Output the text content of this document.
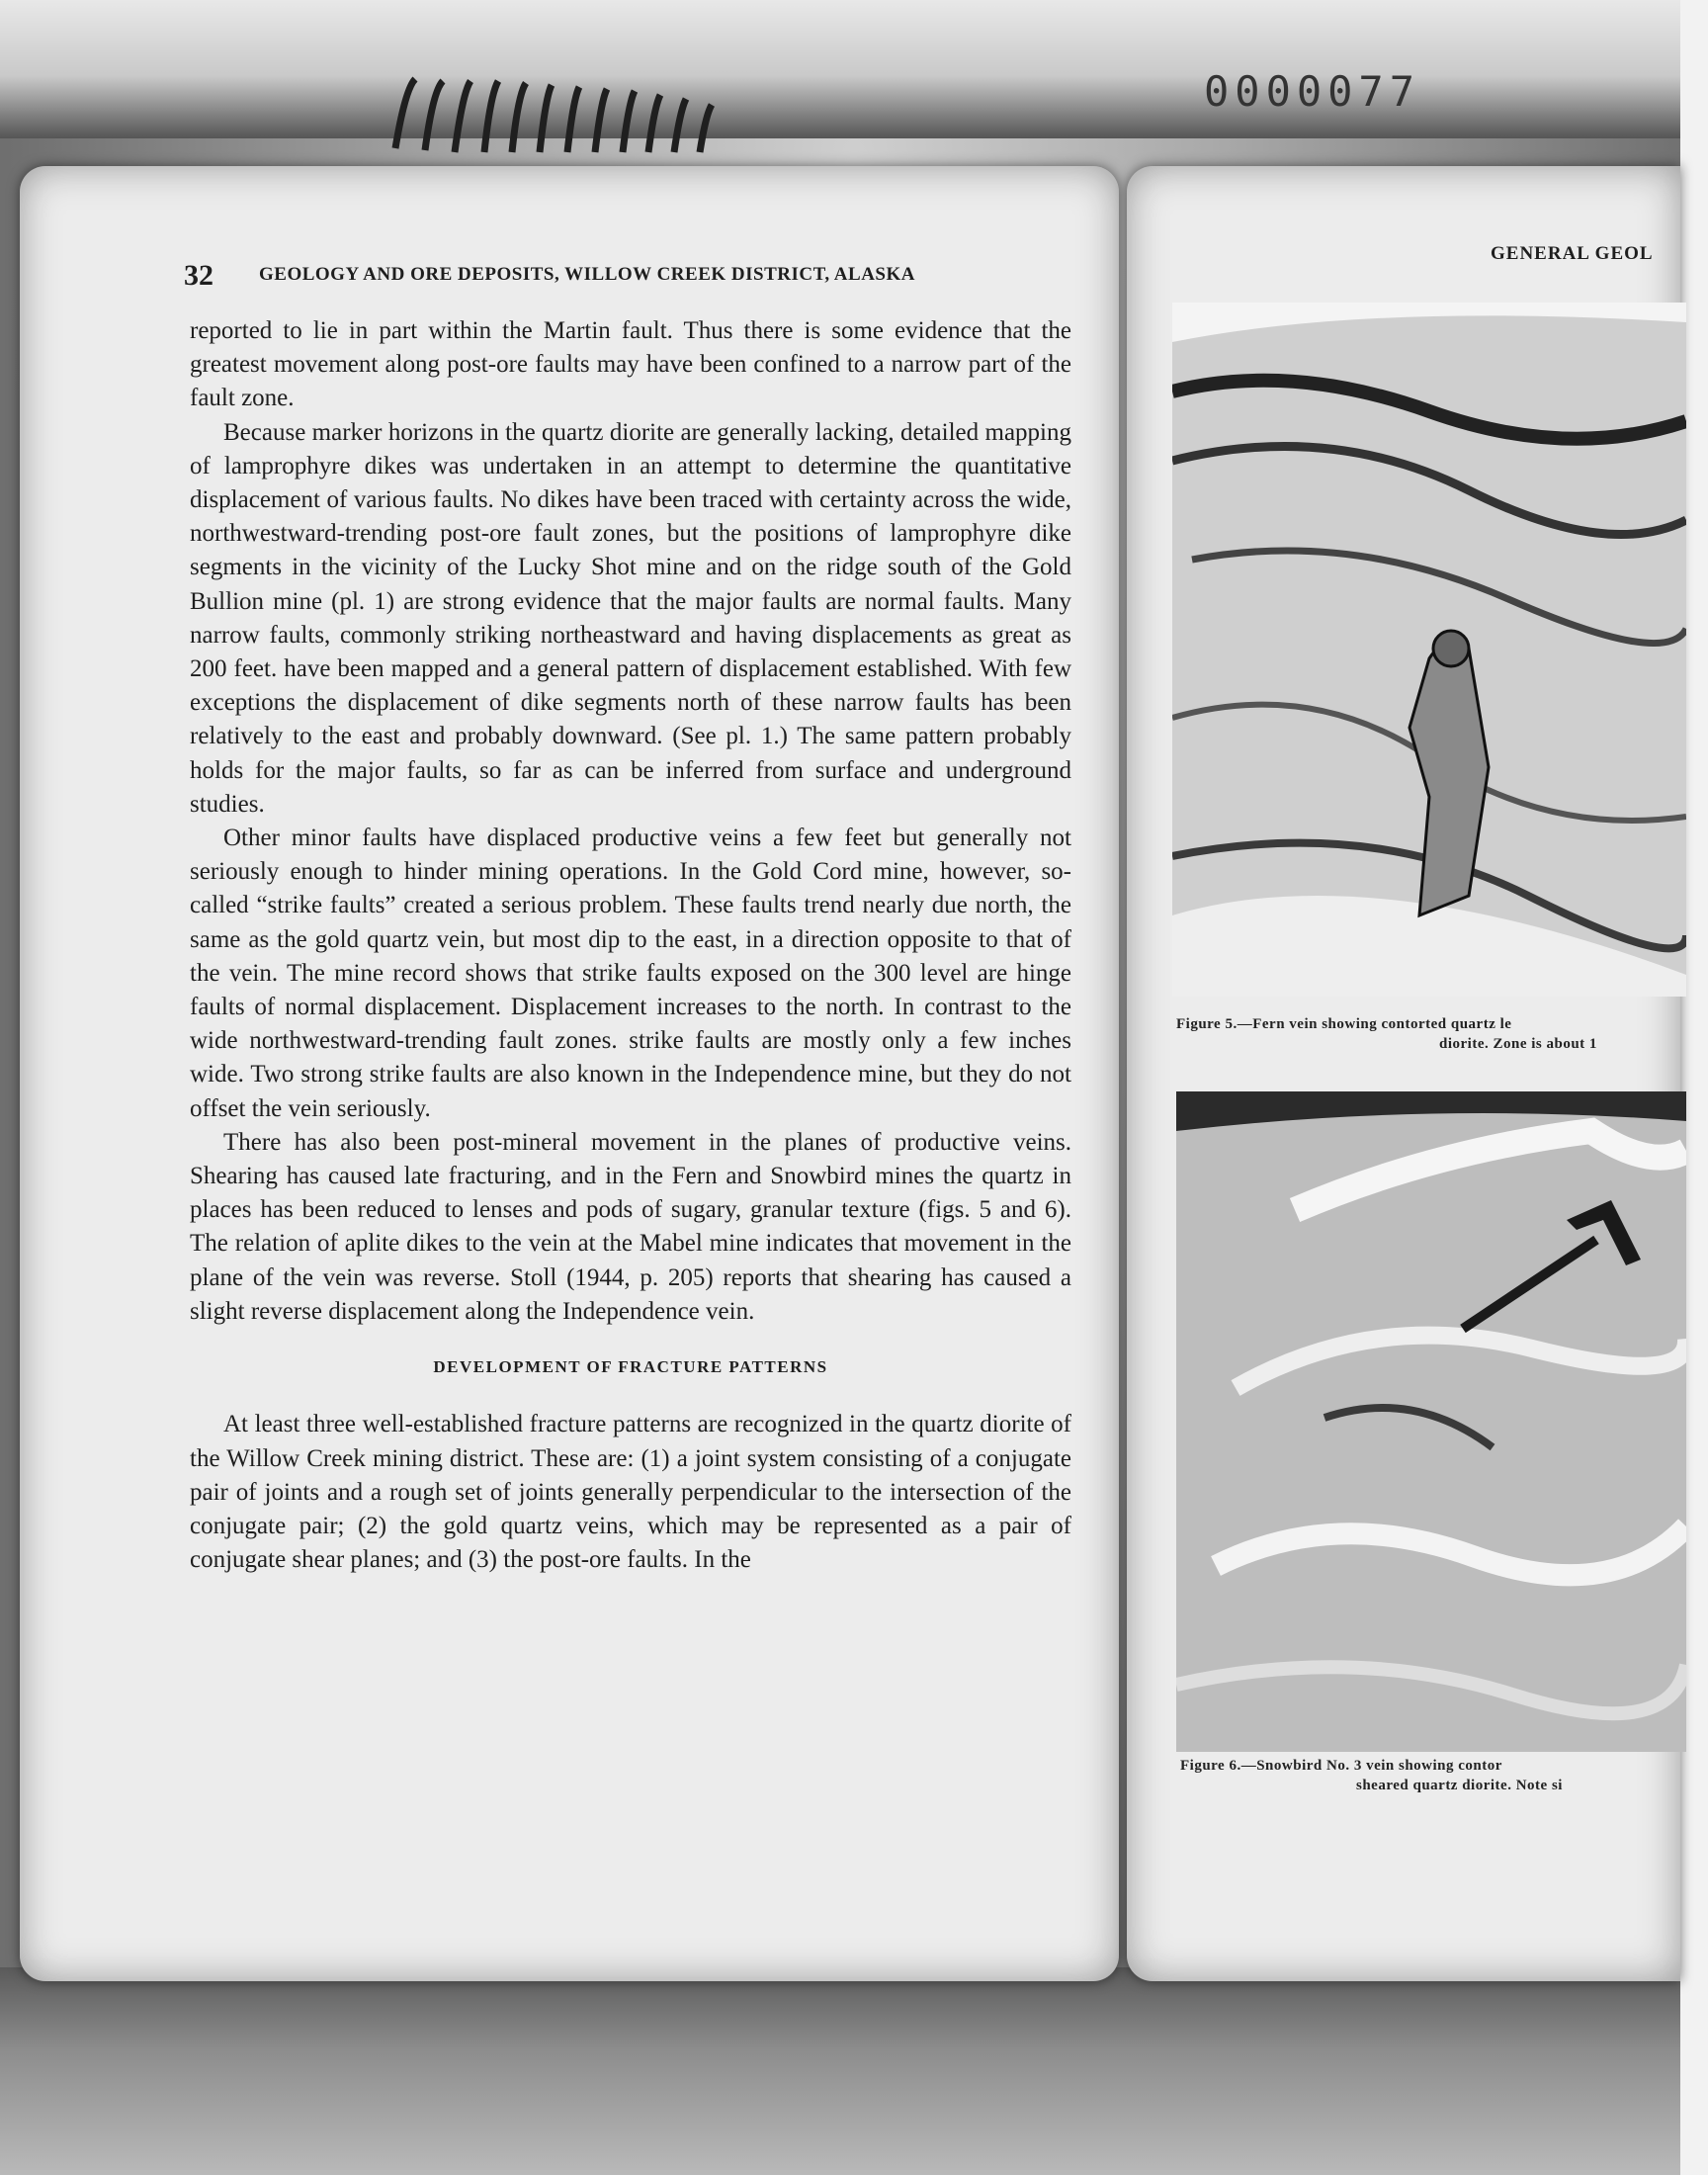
0000077
32 GEOLOGY AND ORE DEPOSITS, WILLOW CREEK DISTRICT, ALASKA

reported to lie in part within the Martin fault. Thus there is some evidence that the greatest movement along post-ore faults may have been confined to a narrow part of the fault zone.

Because marker horizons in the quartz diorite are generally lacking, detailed mapping of lamprophyre dikes was undertaken in an attempt to determine the quantitative displacement of various faults. No dikes have been traced with certainty across the wide, northwestward-trending post-ore fault zones, but the positions of lamprophyre dike segments in the vicinity of the Lucky Shot mine and on the ridge south of the Gold Bullion mine (pl. 1) are strong evidence that the major faults are normal faults. Many narrow faults, commonly striking northeastward and having displacements as great as 200 feet. have been mapped and a general pattern of displacement established. With few exceptions the displacement of dike segments north of these narrow faults has been relatively to the east and probably downward. (See pl. 1.) The same pattern probably holds for the major faults, so far as can be inferred from surface and underground studies.

Other minor faults have displaced productive veins a few feet but generally not seriously enough to hinder mining operations. In the Gold Cord mine, however, so-called “strike faults” created a serious problem. These faults trend nearly due north, the same as the gold quartz vein, but most dip to the east, in a direction opposite to that of the vein. The mine record shows that strike faults exposed on the 300 level are hinge faults of normal displacement. Displacement increases to the north. In contrast to the wide northwestward-trending fault zones. strike faults are mostly only a few inches wide. Two strong strike faults are also known in the Independence mine, but they do not offset the vein seriously.

There has also been post-mineral movement in the planes of productive veins. Shearing has caused late fracturing, and in the Fern and Snowbird mines the quartz in places has been reduced to lenses and pods of sugary, granular texture (figs. 5 and 6). The relation of aplite dikes to the vein at the Mabel mine indicates that movement in the plane of the vein was reverse. Stoll (1944, p. 205) reports that shearing has caused a slight reverse displacement along the Independence vein.

DEVELOPMENT OF FRACTURE PATTERNS

At least three well-established fracture patterns are recognized in the quartz diorite of the Willow Creek mining district. These are: (1) a joint system consisting of a conjugate pair of joints and a rough set of joints generally perpendicular to the intersection of the conjugate pair; (2) the gold quartz veins, which may be represented as a pair of conjugate shear planes; and (3) the post-ore faults. In the

GENERAL GEOL
Figure 5.—Fern vein showing contorted quartz le
diorite. Zone is about 1
Figure 6.—Snowbird No. 3 vein showing contor
sheared quartz diorite. Note si
